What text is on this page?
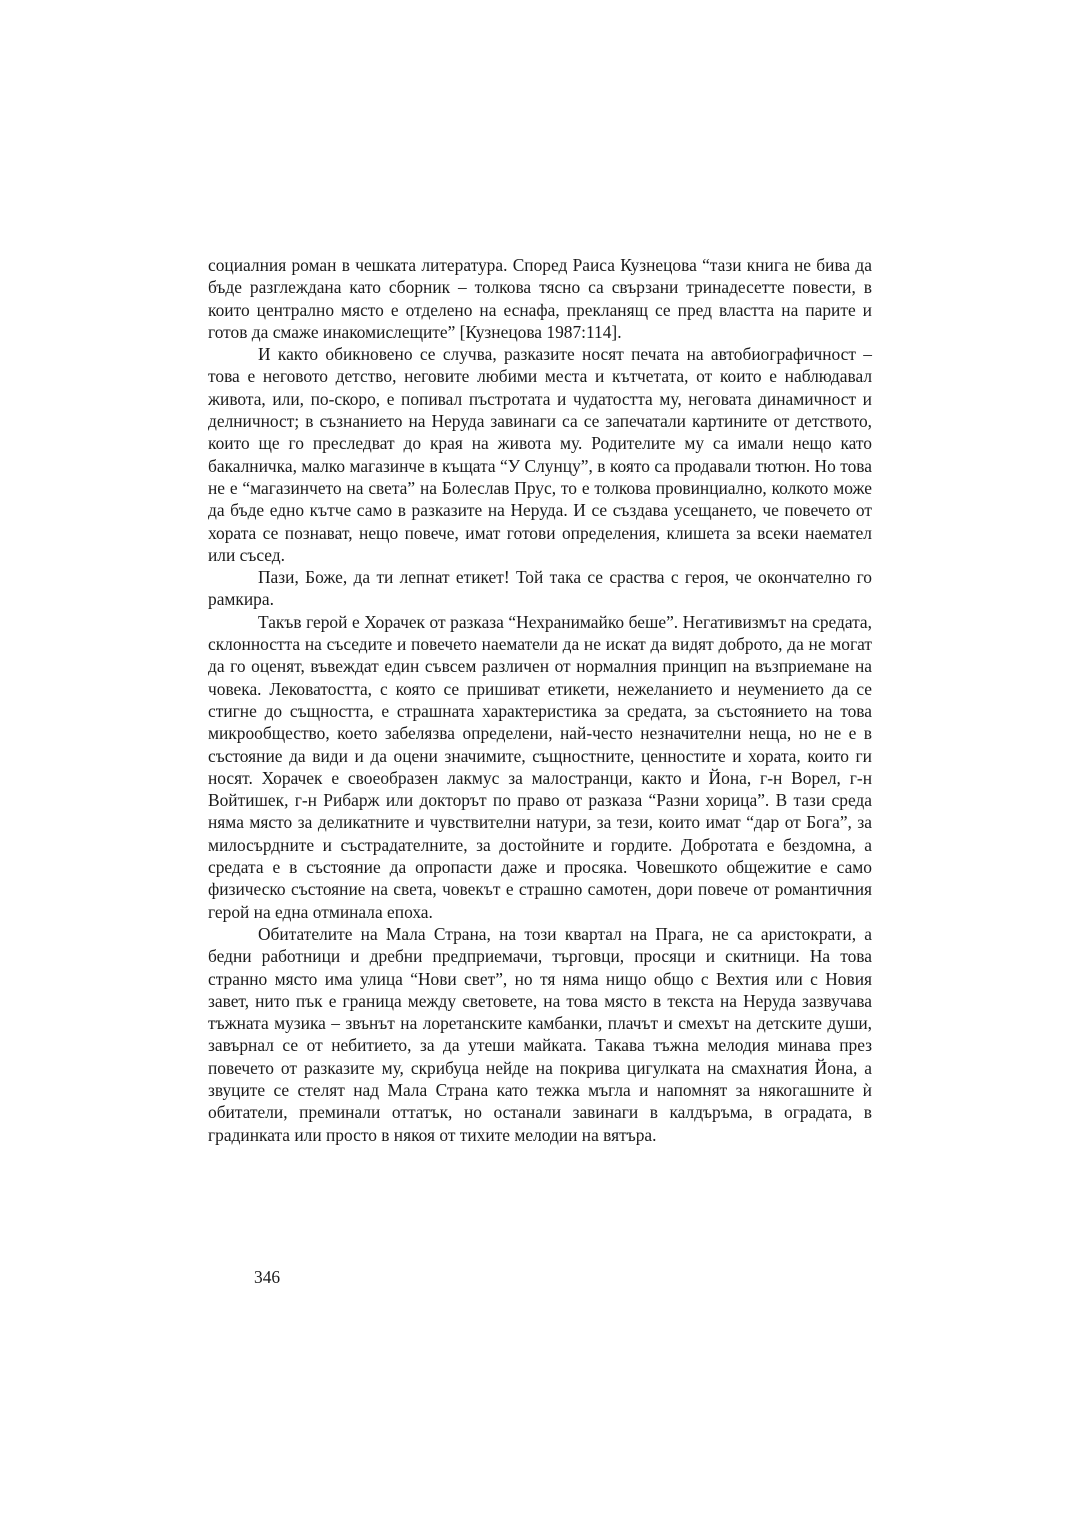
социалния роман в чешката литература. Според Раиса Кузнецова “тази книга не бива да бъде разглеждана като сборник – толкова тясно са свързани тринадесетте повести, в които централно място е отделено на еснафа, прекланящ се пред властта на парите и готов да смаже инакомислещите” [Кузнецова 1987:114].

И както обикновено се случва, разказите носят печата на автобиографичност – това е неговото детство, неговите любими места и кътчетата, от които е наблюдавал живота, или, по-скоро, е попивал пъстротата и чудатостта му, неговата динамичност и делничност; в съзнанието на Неруда завинаги са се запечатали картините от детството, които ще го преследват до края на живота му. Родителите му са имали нещо като бакалничка, малко магазинче в къщата “У Слунцу”, в която са продавали тютюн. Но това не е “магазинчето на света” на Болеслав Прус, то е толкова провинциално, колкото може да бъде едно кътче само в разказите на Неруда. И се създава усещането, че повечето от хората се познават, нещо повече, имат готови определения, клишета за всеки наемател или съсед.

Пази, Боже, да ти лепнат етикет! Той така се сраства с героя, че окончателно го рамкира.

Такъв герой е Хорачек от разказа “Нехранимайко беше”. Негативизмът на средата, склонността на съседите и повечето наематели да не искат да видят доброто, да не могат да го оценят, въвеждат един съвсем различен от нормалния принцип на възприемане на човека. Лековатостта, с която се пришиват етикети, нежеланието и неумението да се стигне до същността, е страшната характеристика за средата, за състоянието на това микрообщество, което забелязва определени, най-често незначителни неща, но не е в състояние да види и да оцени значимите, същностните, ценностите и хората, които ги носят. Хорачек е своеобразен лакмус за малостранци, както и Йона, г-н Ворел, г-н Войтишек, г-н Рибарж или докторът по право от разказа “Разни хорица”. В тази среда няма място за деликатните и чувствителни натури, за тези, които имат “дар от Бога”, за милосърдните и състрадателните, за достойните и гордите. Добротата е бездомна, а средата е в състояние да опропасти даже и просяка. Човешкото общежитие е само физическо състояние на света, човекът е страшно самотен, дори повече от романтичния герой на една отминала епоха.

Обитателите на Мала Страна, на този квартал на Прага, не са аристократи, а бедни работници и дребни предприемачи, търговци, просяци и скитници. На това странно място има улица “Нови свет”, но тя няма нищо общо с Вехтия или с Новия завет, нито пък е граница между световете, на това място в текста на Неруда зазвучава тъжната музика – звънът на лоретанските камбанки, плачът и смехът на детските души, завърнал се от небитието, за да утеши майката. Такава тъжна мелодия минава през повечето от разказите му, скрибуца нейде на покрива цигулката на смахнатия Йона, а звуците се стелят над Мала Страна като тежка мъгла и напомнят за някогашните ѝ обитатели, преминали оттатък, но останали завинаги в калдъръма, в оградата, в градинката или просто в някоя от тихите мелодии на вятъра.

346
